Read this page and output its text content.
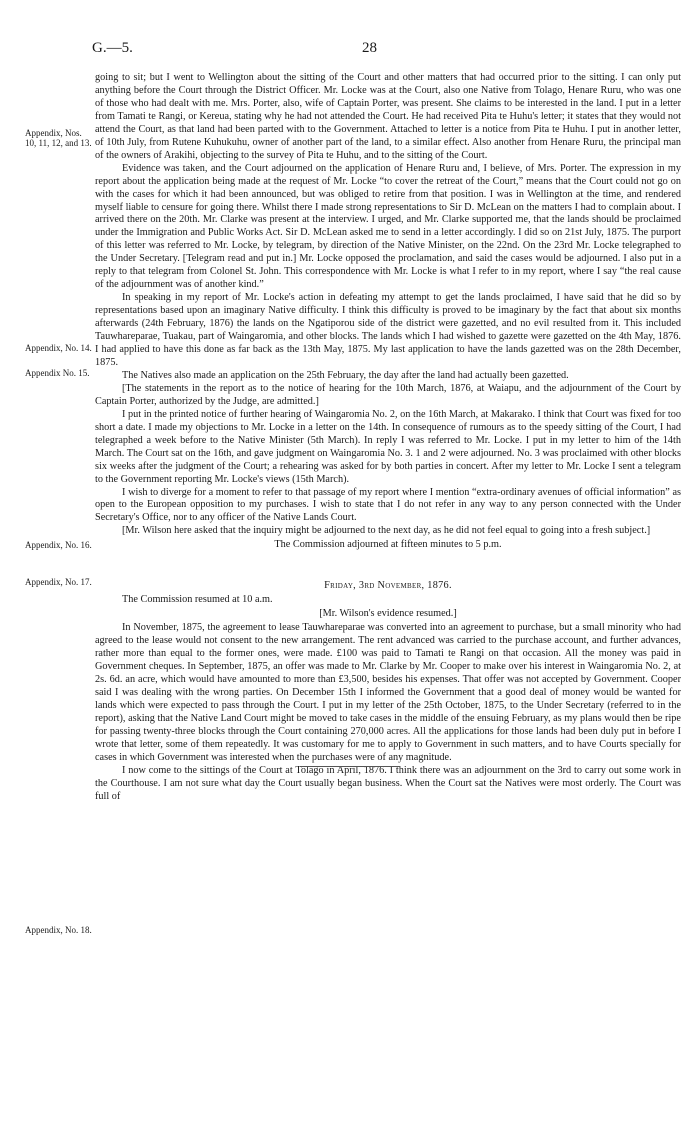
G.—5.	28
Appendix, Nos. 10, 11, 12, and 13.
Appendix, No. 14.
Appendix No. 15.
Appendix, No. 16.
Appendix, No. 17.
Appendix, No. 18.

going to sit; but I went to Wellington about the sitting of the Court and other matters that had occurred prior to the sitting. I can only put anything before the Court through the District Officer. Mr. Locke was at the Court, also one Native from Tolago, Henare Ruru, who was one of those who had dealt with me. Mrs. Porter, also, wife of Captain Porter, was present. She claims to be interested in the land. I put in a letter from Tamati te Rangi, or Kereua, stating why he had not attended the Court. He had received Pita te Huhu's letter; it states that they would not attend the Court, as that land had been parted with to the Government. Attached to letter is a notice from Pita te Huhu. I put in another letter, of 10th July, from Rutene Kuhukuhu, owner of another part of the land, to a similar effect. Also another from Henare Ruru, the principal man of the owners of Arakihi, objecting to the survey of Pita te Huhu, and to the sitting of the Court.

Evidence was taken, and the Court adjourned on the application of Henare Ruru and, I believe, of Mrs. Porter. The expression in my report about the application being made at the request of Mr. Locke “to cover the retreat of the Court,” means that the Court could not go on with the cases for which it had been announced, but was obliged to retire from that position. I was in Wellington at the time, and rendered myself liable to censure for going there. Whilst there I made strong representations to Sir D. McLean on the matters I had to complain about. I arrived there on the 20th. Mr. Clarke was present at the interview. I urged, and Mr. Clarke supported me, that the lands should be proclaimed under the Immigration and Public Works Act. Sir D. McLean asked me to send in a letter accordingly. I did so on 21st July, 1875. The purport of this letter was referred to Mr. Locke, by telegram, by direction of the Native Minister, on the 22nd. On the 23rd Mr. Locke telegraphed to the Under Secretary. [Telegram read and put in.] Mr. Locke opposed the proclamation, and said the cases would be adjourned. I also put in a reply to that telegram from Colonel St. John. This correspondence with Mr. Locke is what I refer to in my report, where I say “the real cause of the adjournment was of another kind.”

In speaking in my report of Mr. Locke's action in defeating my attempt to get the lands proclaimed, I have said that he did so by representations based upon an imaginary Native difficulty. I think this difficulty is proved to be imaginary by the fact that about six months afterwards (24th February, 1876) the lands on the Ngatiporou side of the district were gazetted, and no evil resulted from it. This included Tauwhareparae, Tuakau, part of Waingaromia, and other blocks. The lands which I had wished to gazette were gazetted on the 4th May, 1876. I had applied to have this done as far back as the 13th May, 1875. My last application to have the lands gazetted was on the 28th December, 1875.

The Natives also made an application on the 25th February, the day after the land had actually been gazetted.

[The statements in the report as to the notice of hearing for the 10th March, 1876, at Waiapu, and the adjournment of the Court by Captain Porter, authorized by the Judge, are admitted.]

I put in the printed notice of further hearing of Waingaromia No. 2, on the 16th March, at Makarako. I think that Court was fixed for too short a date. I made my objections to Mr. Locke in a letter on the 14th. In consequence of rumours as to the speedy sitting of the Court, I had telegraphed a week before to the Native Minister (5th March). In reply I was referred to Mr. Locke. I put in my letter to him of the 14th March. The Court sat on the 16th, and gave judgment on Waingaromia No. 3. 1 and 2 were adjourned. No. 3 was proclaimed with other blocks six weeks after the judgment of the Court; a rehearing was asked for by both parties in concert. After my letter to Mr. Locke I sent a telegram to the Government reporting Mr. Locke's views (15th March).

I wish to diverge for a moment to refer to that passage of my report where I mention “extra-ordinary avenues of official information” as open to the European opposition to my purchases. I wish to state that I do not refer in any way to any person connected with the Under Secretary's Office, nor to any officer of the Native Lands Court.

[Mr. Wilson here asked that the inquiry might be adjourned to the next day, as he did not feel equal to going into a fresh subject.]

The Commission adjourned at fifteen minutes to 5 p.m.

Friday, 3rd November, 1876.

The Commission resumed at 10 a.m.

[Mr. Wilson's evidence resumed.]

In November, 1875, the agreement to lease Tauwhareparae was converted into an agreement to purchase, but a small minority who had agreed to the lease would not consent to the new arrangement. The rent advanced was carried to the purchase account, and further advances, rather more than equal to the former ones, were made. £100 was paid to Tamati te Rangi on that occasion. All the money was paid in Government cheques. In September, 1875, an offer was made to Mr. Clarke by Mr. Cooper to make over his interest in Waingaromia No. 2, at 2s. 6d. an acre, which would have amounted to more than £3,500, besides his expenses. That offer was not accepted by Government. Cooper said I was dealing with the wrong parties. On December 15th I informed the Government that a good deal of money would be wanted for lands which were expected to pass through the Court. I put in my letter of the 25th October, 1875, to the Under Secretary (referred to in the report), asking that the Native Land Court might be moved to take cases in the middle of the ensuing February, as my plans would then be ripe for passing twenty-three blocks through the Court containing 270,000 acres. All the applications for those lands had been duly put in before I wrote that letter, some of them repeatedly. It was customary for me to apply to Government in such matters, and to have Courts specially for cases in which Government was interested when the purchases were of any magnitude.

I now come to the sittings of the Court at Tolago in April, 1876. I think there was an adjournment on the 3rd to carry out some work in the Courthouse. I am not sure what day the Court usually began business. When the Court sat the Natives were most orderly. The Court was full of
